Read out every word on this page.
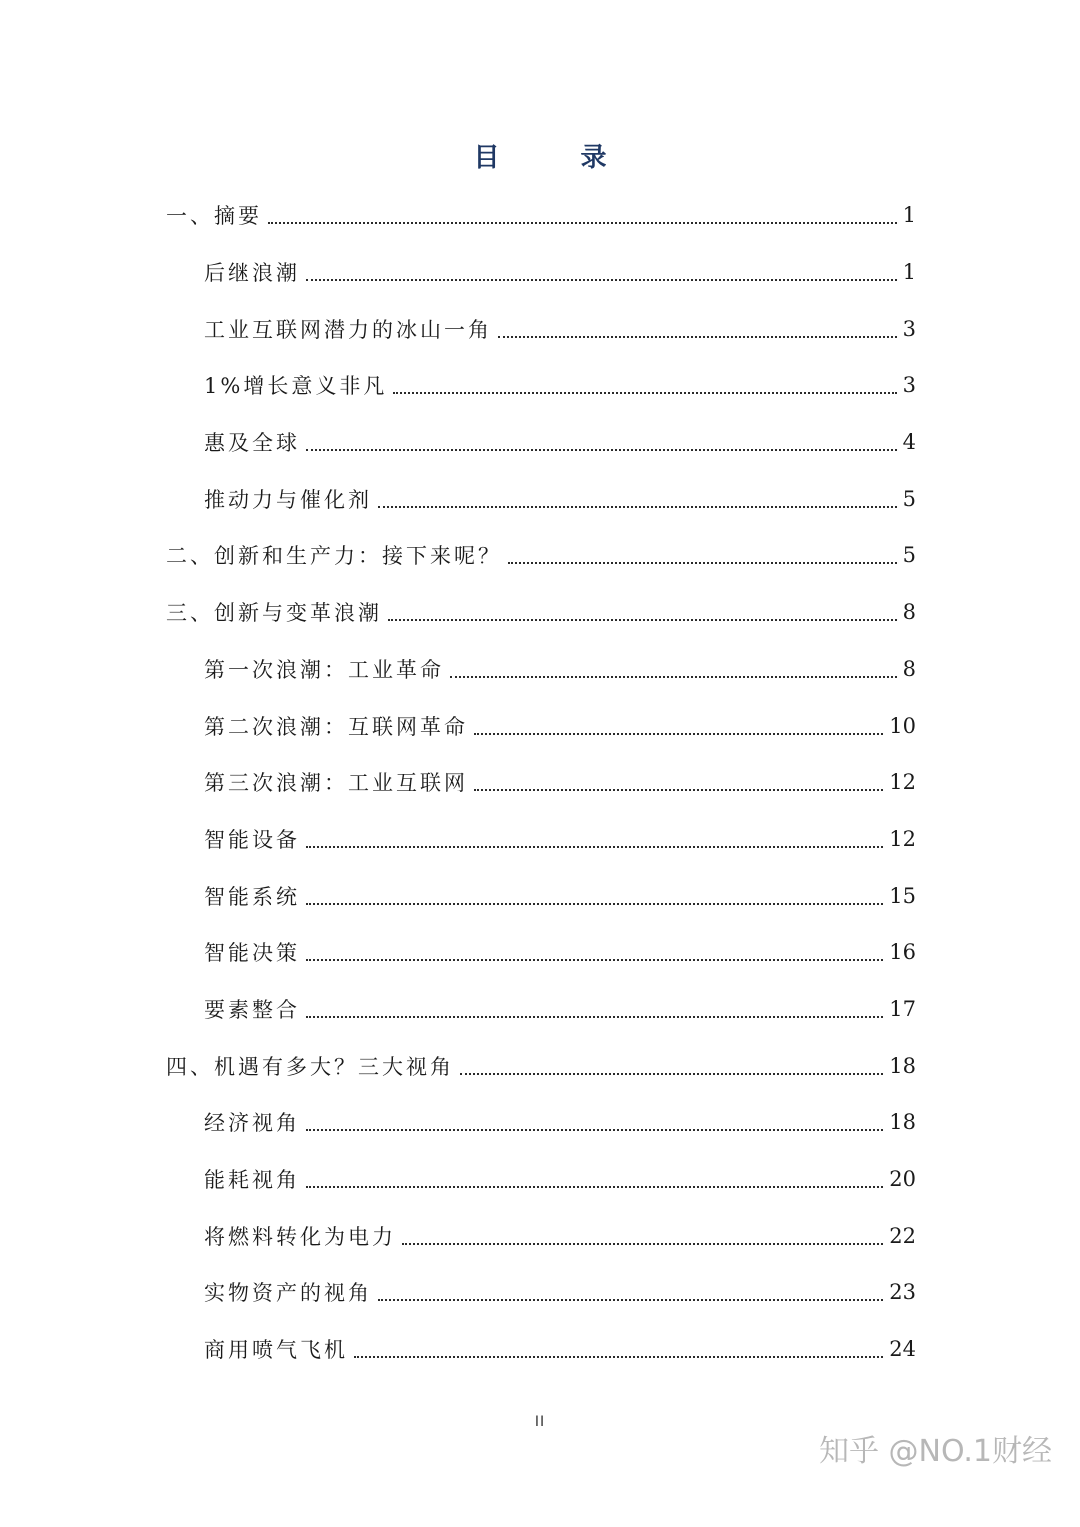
目 录
一、摘要	1
后继浪潮	1
工业互联网潜力的冰山一角	3
1%增长意义非凡	3
惠及全球	4
推动力与催化剂	5
二、创新和生产力：接下来呢？	5
三、创新与变革浪潮	8
第一次浪潮：工业革命	8
第二次浪潮：互联网革命	10
第三次浪潮：工业互联网	12
智能设备	12
智能系统	15
智能决策	16
要素整合	17
四、机遇有多大？三大视角	18
经济视角	18
能耗视角	20
将燃料转化为电力	22
实物资产的视角	23
商用喷气飞机	24
II
知乎 @NO.1财经
